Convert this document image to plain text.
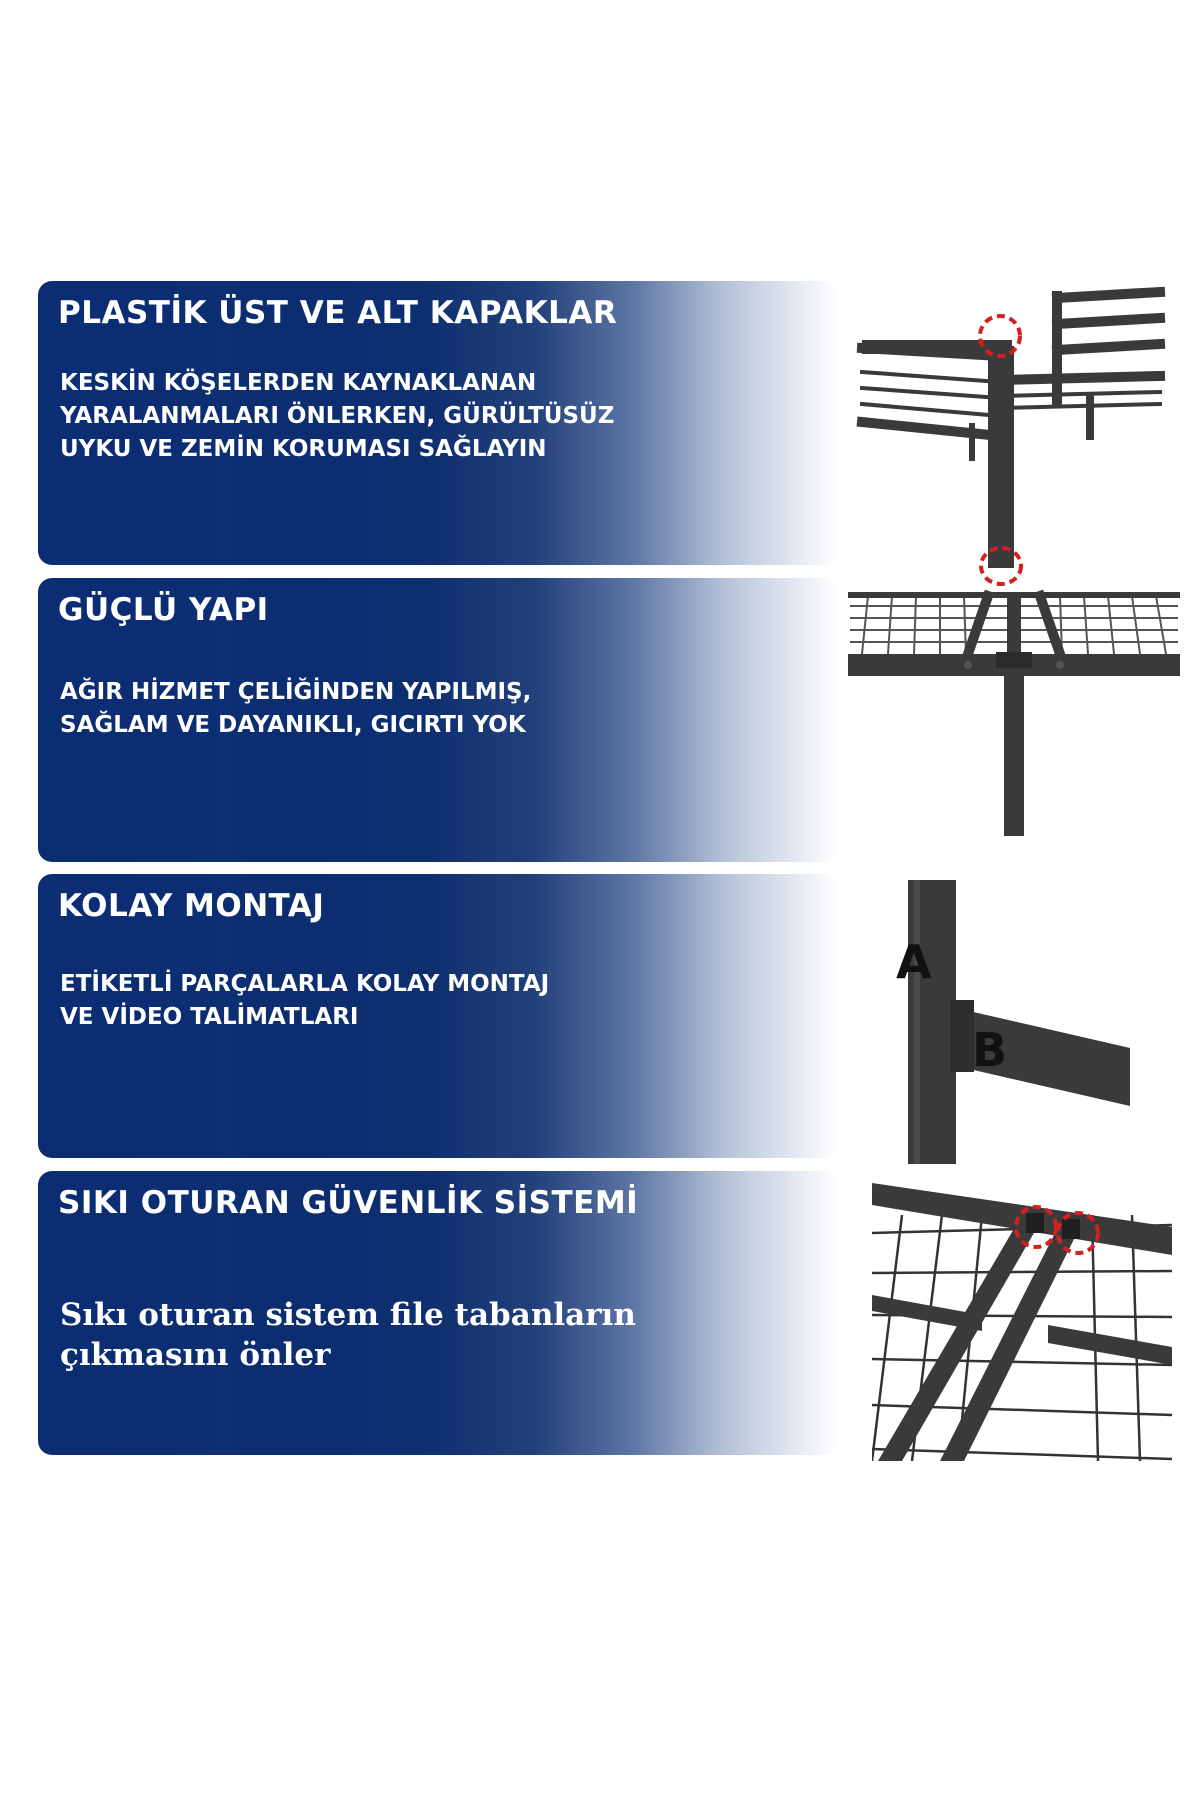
PLASTİK ÜST VE ALT KAPAKLAR

KESKİN KÖŞELERDEN KAYNAKLANAN
YARALANMALARI ÖNLERKEN, GÜRÜLTÜSÜZ
UYKU VE ZEMİN KORUMASI SAĞLAYIN

GÜÇLÜ YAPI

AĞIR HİZMET ÇELİĞİNDEN YAPILMIŞ,
SAĞLAM VE DAYANIKLI, GICIRTI YOK

KOLAY MONTAJ

ETİKETLİ PARÇALARLA KOLAY MONTAJ
VE VİDEO TALİMATLARI

A
B
SIKI OTURAN GÜVENLİK SİSTEMİ

Sıkı oturan sistem file tabanların
çıkmasını önler
